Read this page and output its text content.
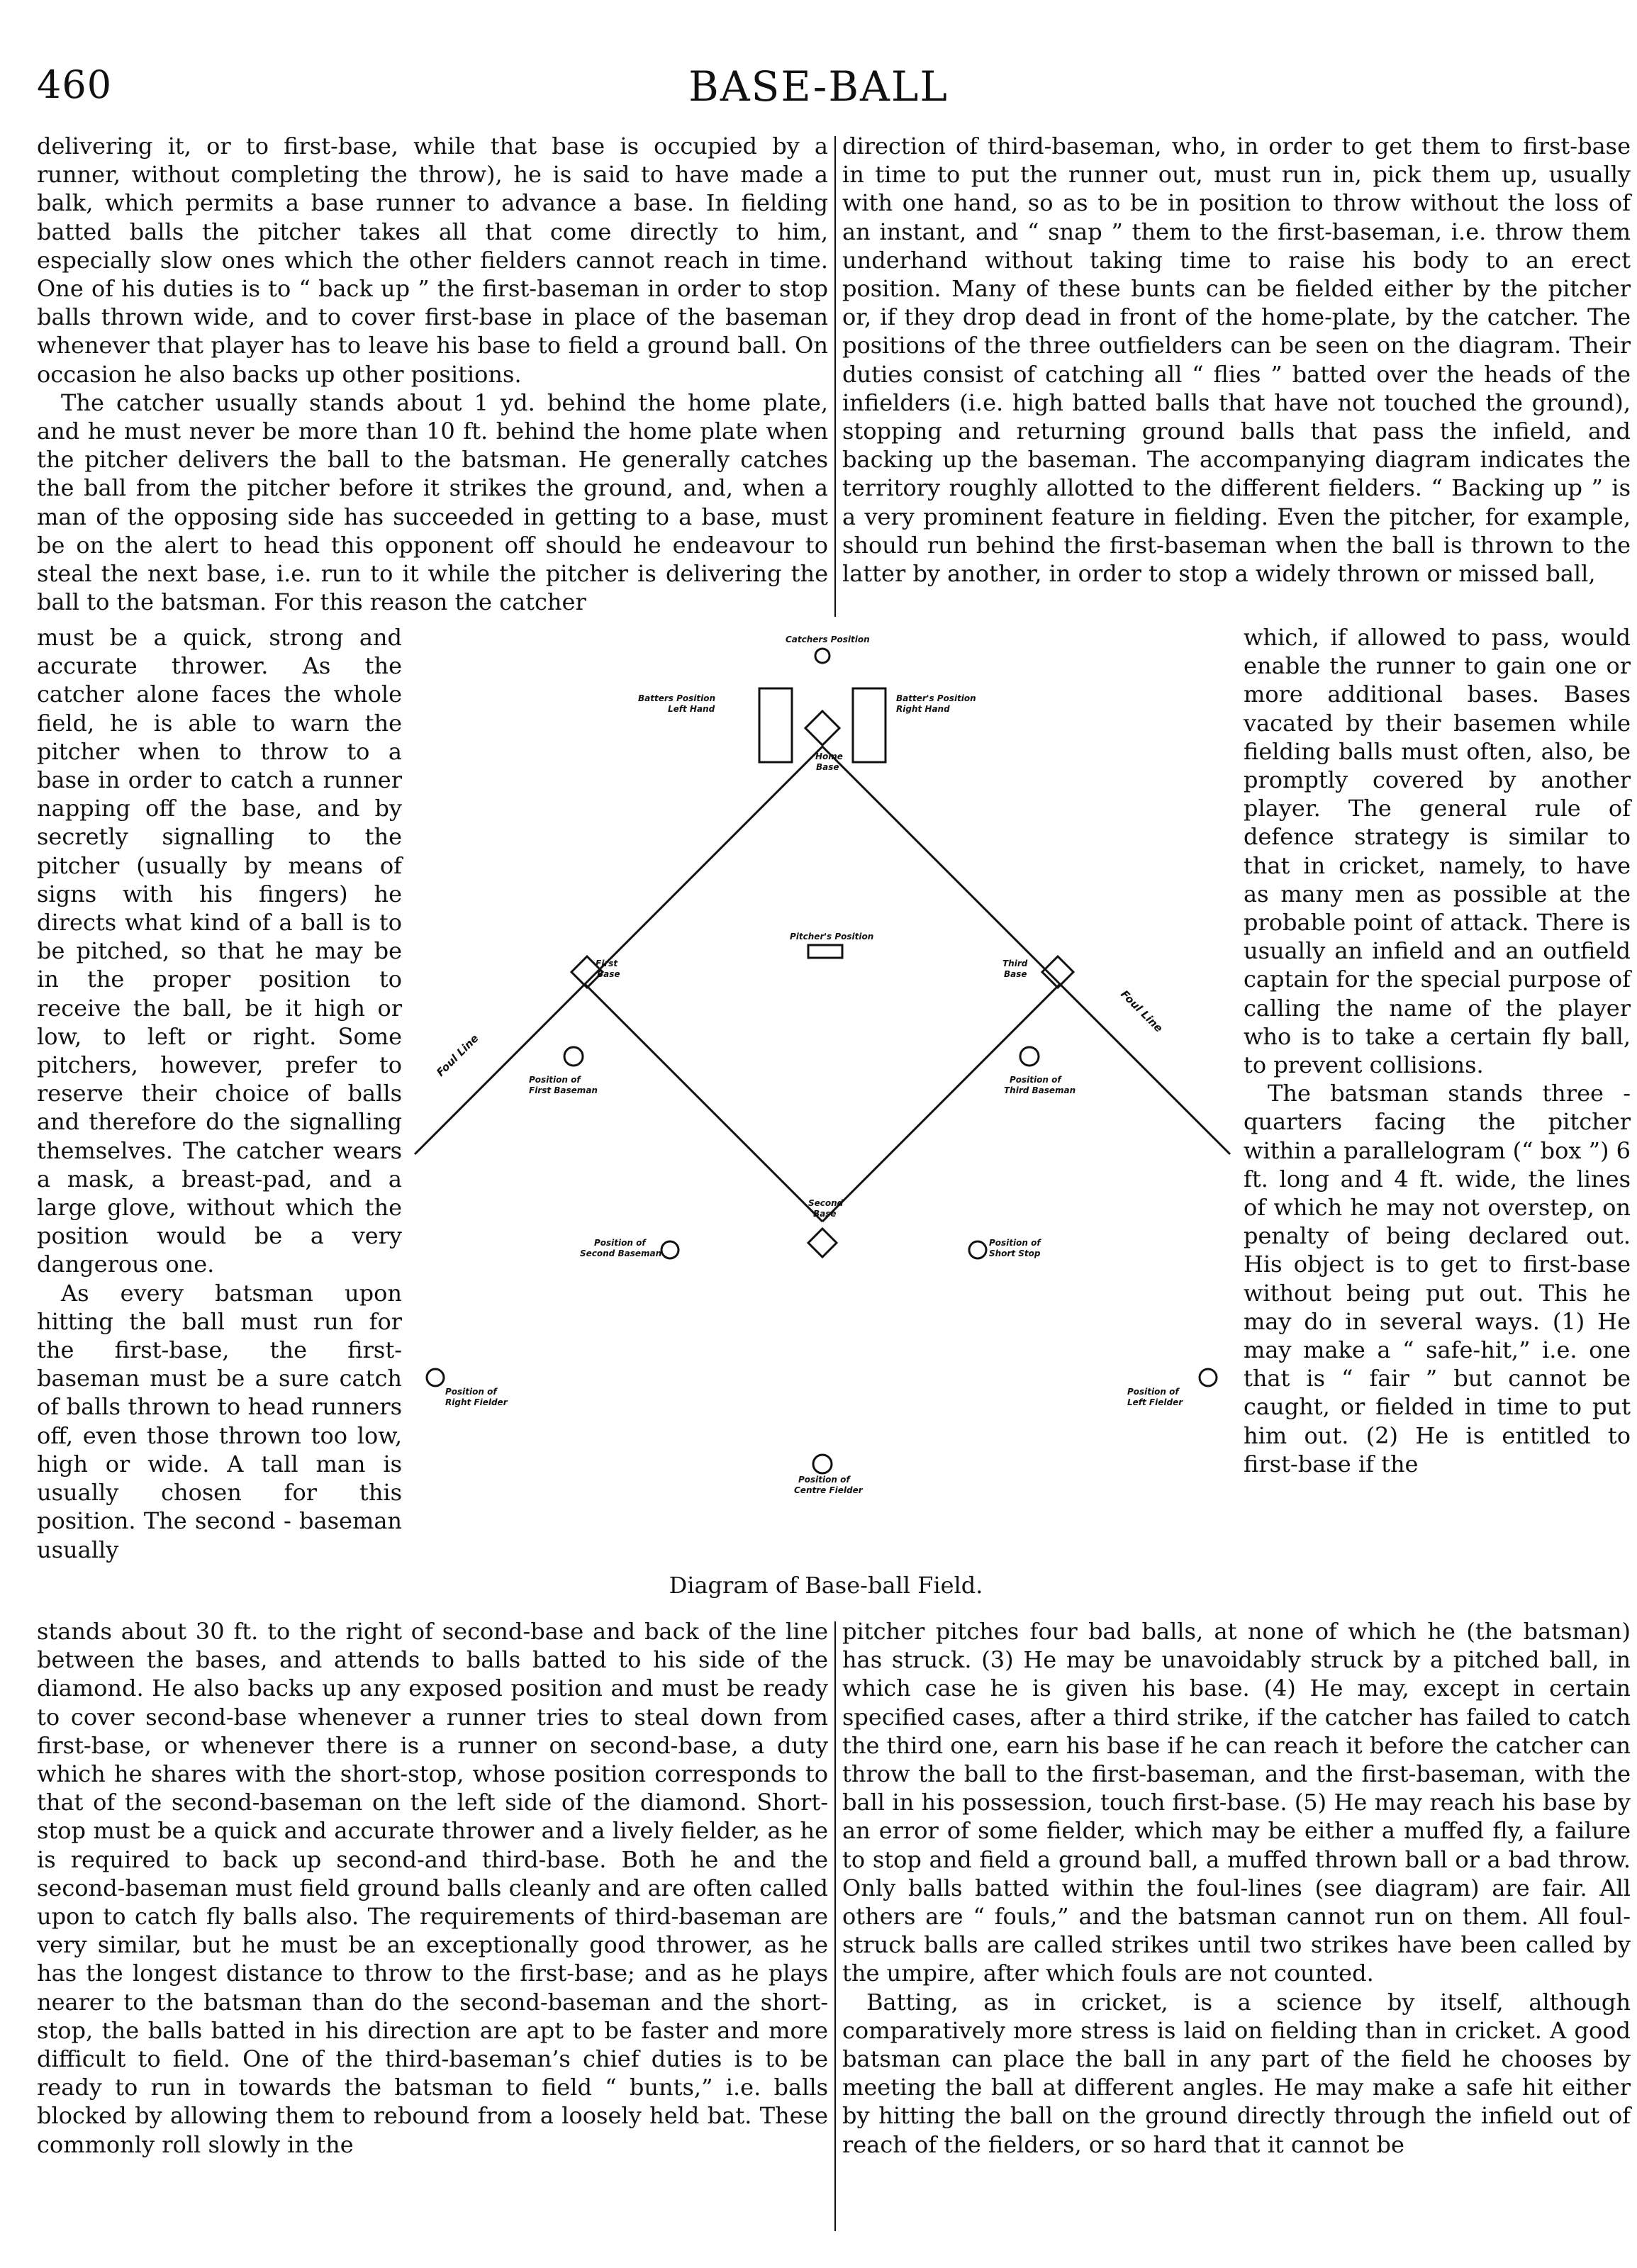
460	BASE-BALL

delivering it, or to first-base, while that base is occupied by a runner, without completing the throw), he is said to have made a balk, which permits a base runner to advance a base. In fielding batted balls the pitcher takes all that come directly to him, especially slow ones which the other fielders cannot reach in time. One of his duties is to “ back up ” the first-baseman in order to stop balls thrown wide, and to cover first-base in place of the baseman whenever that player has to leave his base to field a ground ball. On occasion he also backs up other positions.

The catcher usually stands about 1 yd. behind the home plate, and he must never be more than 10 ft. behind the home plate when the pitcher delivers the ball to the batsman. He generally catches the ball from the pitcher before it strikes the ground, and, when a man of the opposing side has succeeded in getting to a base, must be on the alert to head this opponent off should he endeavour to steal the next base, i.e. run to it while the pitcher is delivering the ball to the batsman. For this reason the catcher

direction of third-baseman, who, in order to get them to first-base in time to put the runner out, must run in, pick them up, usually with one hand, so as to be in position to throw without the loss of an instant, and “ snap ” them to the first-baseman, i.e. throw them underhand without taking time to raise his body to an erect position. Many of these bunts can be fielded either by the pitcher or, if they drop dead in front of the home-plate, by the catcher. The positions of the three outfielders can be seen on the diagram. Their duties consist of catching all “ flies ” batted over the heads of the infielders (i.e. high batted balls that have not touched the ground), stopping and returning ground balls that pass the infield, and backing up the baseman. The accompanying diagram indicates the territory roughly allotted to the different fielders. “ Backing up ” is a very prominent feature in fielding. Even the pitcher, for example, should run behind the first-baseman when the ball is thrown to the latter by another, in order to stop a widely thrown or missed ball,

must be a quick, strong and accurate thrower. As the catcher alone faces the whole field, he is able to warn the pitcher when to throw to a base in order to catch a runner napping off the base, and by secretly signalling to the pitcher (usually by means of signs with his fingers) he directs what kind of a ball is to be pitched, so that he may be in the proper position to receive the ball, be it high or low, to left or right. Some pitchers, however, prefer to reserve their choice of balls and therefore do the signalling themselves. The catcher wears a mask, a breast-pad, and a large glove, without which the position would be a very dangerous one.

As every batsman upon hitting the ball must run for the first-base, the first-baseman must be a sure catch of balls thrown to head runners off, even those thrown too low, high or wide. A tall man is usually chosen for this position. The second - baseman usually

which, if allowed to pass, would enable the runner to gain one or more additional bases. Bases vacated by their basemen while fielding balls must often, also, be promptly covered by another player. The general rule of defence strategy is similar to that in cricket, namely, to have as many men as possible at the probable point of attack. There is usually an infield and an outfield captain for the special purpose of calling the name of the player who is to take a certain fly ball, to prevent collisions.

The batsman stands three - quarters facing the pitcher within a parallelogram (“ box ”) 6 ft. long and 4 ft. wide, the lines of which he may not overstep, on penalty of being declared out. His object is to get to first-base without being put out. This he may do in several ways. (1) He may make a “ safe-hit,” i.e. one that is “ fair ” but cannot be caught, or fielded in time to put him out. (2) He is entitled to first-base if the

stands about 30 ft. to the right of second-base and back of the line between the bases, and attends to balls batted to his side of the diamond. He also backs up any exposed position and must be ready to cover second-base whenever a runner tries to steal down from first-base, or whenever there is a runner on second-base, a duty which he shares with the short-stop, whose position corresponds to that of the second-baseman on the left side of the diamond. Short-stop must be a quick and accurate thrower and a lively fielder, as he is required to back up second-and third-base. Both he and the second-baseman must field ground balls cleanly and are often called upon to catch fly balls also. The requirements of third-baseman are very similar, but he must be an exceptionally good thrower, as he has the longest distance to throw to the first-base; and as he plays nearer to the batsman than do the second-baseman and the short-stop, the balls batted in his direction are apt to be faster and more difficult to field. One of the third-baseman’s chief duties is to be ready to run in towards the batsman to field “ bunts,” i.e. balls blocked by allowing them to rebound from a loosely held bat. These commonly roll slowly in the

pitcher pitches four bad balls, at none of which he (the batsman) has struck. (3) He may be unavoidably struck by a pitched ball, in which case he is given his base. (4) He may, except in certain specified cases, after a third strike, if the catcher has failed to catch the third one, earn his base if he can reach it before the catcher can throw the ball to the first-baseman, and the first-baseman, with the ball in his possession, touch first-base. (5) He may reach his base by an error of some fielder, which may be either a muffed fly, a failure to stop and field a ground ball, a muffed thrown ball or a bad throw. Only balls batted within the foul-lines (see diagram) are fair. All others are “ fouls,” and the batsman cannot run on them. All foul-struck balls are called strikes until two strikes have been called by the umpire, after which fouls are not counted.

Batting, as in cricket, is a science by itself, although comparatively more stress is laid on fielding than in cricket. A good batsman can place the ball in any part of the field he chooses by meeting the ball at different angles. He may make a safe hit either by hitting the ball on the ground directly through the infield out of reach of the fielders, or so hard that it cannot be

Catchers Position
Batters Position
Left Hand
Batter's Position
Right Hand
Home
Base
Pitcher's Position
First
Base
Third
Base
Foul Line
Foul Line
Position of
First Baseman
Position of
Third Baseman
Second
Base
Position of
Second Baseman
Position of
Short Stop
Position of
Right Fielder
Position of
Left Fielder
Position of
Centre Fielder
Diagram of Base-ball Field.
